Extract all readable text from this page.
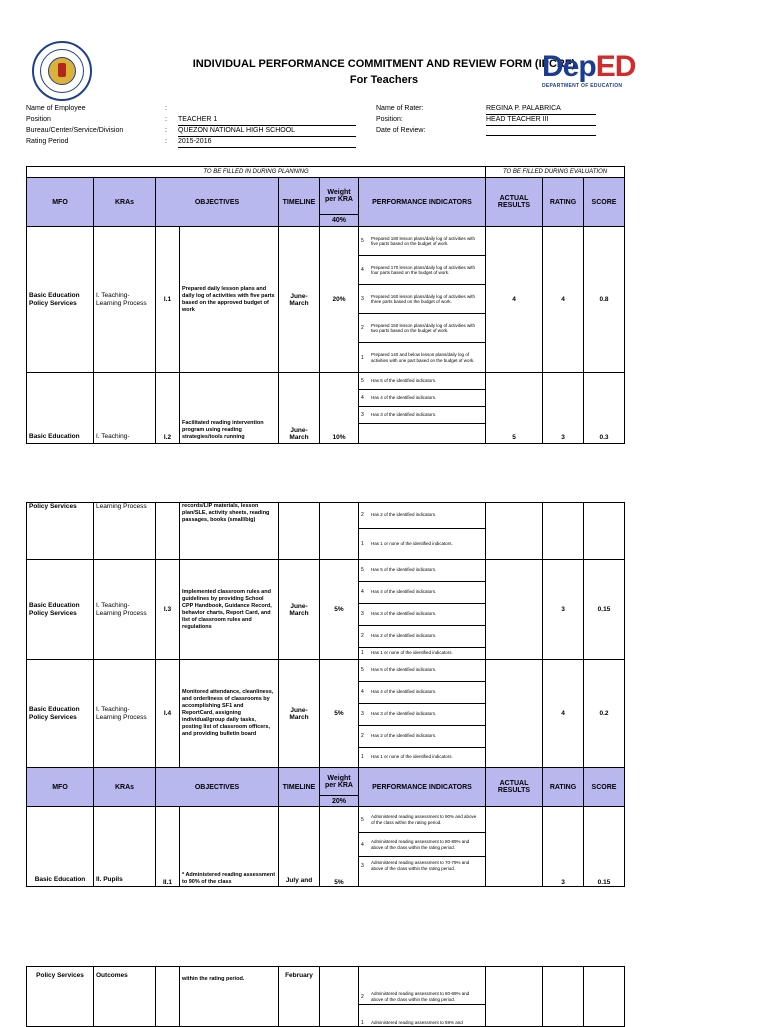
INDIVIDUAL PERFORMANCE COMMITMENT AND REVIEW FORM (IPCRF)
For Teachers	DepED
DEPARTMENT OF EDUCATION
Name of Employee	:
Position	: TEACHER 1
Bureau/Center/Service/Division	: QUEZON NATIONAL HIGH SCHOOL
Rating Period	: 2015-2016
Name of Rater:	REGINA P. PALABRICA
Position:	HEAD TEACHER III
Date of Review:
TO BE FILLED IN DURING PLANNING							TO BE FILLED DURING EVALUATION		
MFO	KRAs	OBJECTIVES		TIMELINE	Weight per KRA	PERFORMANCE INDICATORS	ACTUAL RESULTS	RATING	SCORE
					40%				
Basic Education Policy Services	I. Teaching-Learning Process	I.1	Prepared daily lesson plans and daily log of activities with five parts based on the approved budget of work	June-March	20%	5Prepared 180 lesson plans/daily log of activities with five parts based on the budget of work.	4	4	0.8
						4Prepared 170 lesson plans/daily log of activities with four parts based on the budget of work.			
						3Prepared 160 lesson plans/daily log of activities with three parts based on the budget of work.			
						2Prepared 150 lesson plans/daily log of activities with two parts based on the budget of work.			
						1Prepared 140 and below lesson plans/daily log of activities with one part based on the budget of work.			
Basic Education	I. Teaching-	I.2	Facilitated reading intervention program using reading strategies/tools running	June-March	10%	5 Has 5 of the identified indicators.	5	3	0.3
						4 Has 4 of the identified indicators.			
						3 Has 3 of the identified indicators.			

Policy Services	Learning Process		records/LIP materials, lesson plan/SLE, activity sheets, reading passages, books (small/big)			2 Has 2 of the identified indicators.			
						1 Has 1 or none of the identified indicators.			
Basic Education Policy Services	I. Teaching-Learning Process	I.3	Implemented classroom rules and guidelines by providing School CPP Handbook, Guidance Record, behavior charts, Report Card, and list of classroom rules and regulations	June-March	5%	5 Has 5 of the identified indicators.		3	0.15
						4 Has 4 of the identified indicators.			
						3 Has 3 of the identified indicators.			
						2 Has 2 of the identified indicators.			
						1 Has 1 or none of the identified indicators.			
Basic Education Policy Services	I. Teaching-Learning Process	I.4	Monitored attendance, cleanliness, and orderliness of classrooms by accomplishing SF1 and ReportCard, assigning individual/group daily tasks, posting list of classroom officers, and providing bulletin board	June-March	5%	5 Has 5 of the identified indicators.		4	0.2
						4 Has 4 of the identified indicators.			
						3 Has 3 of the identified indicators.			
						2 Has 2 of the identified indicators.			
						1 Has 1 or none of the identified indicators.			
MFO	KRAs	OBJECTIVES		TIMELINE	Weight per KRA	PERFORMANCE INDICATORS	ACTUAL RESULTS	RATING	SCORE
					20%				
Basic Education	II. Pupils	II.1	* Administered reading assessment to 90% of the class	July and	5%	5Administered reading assessment to 90% and above of the class within the rating period.		3	0.15
						4Administered reading assessment to 80-89% and above of the class within the rating period.			
						3Administered reading assessment to 70-79% and above of the class within the rating period.			
Policy Services	Outcomes		within the rating period.	February		2Administered reading assessment to 60-69% and above of the class within the rating period.			
1 Administered reading assessment to 59% and
